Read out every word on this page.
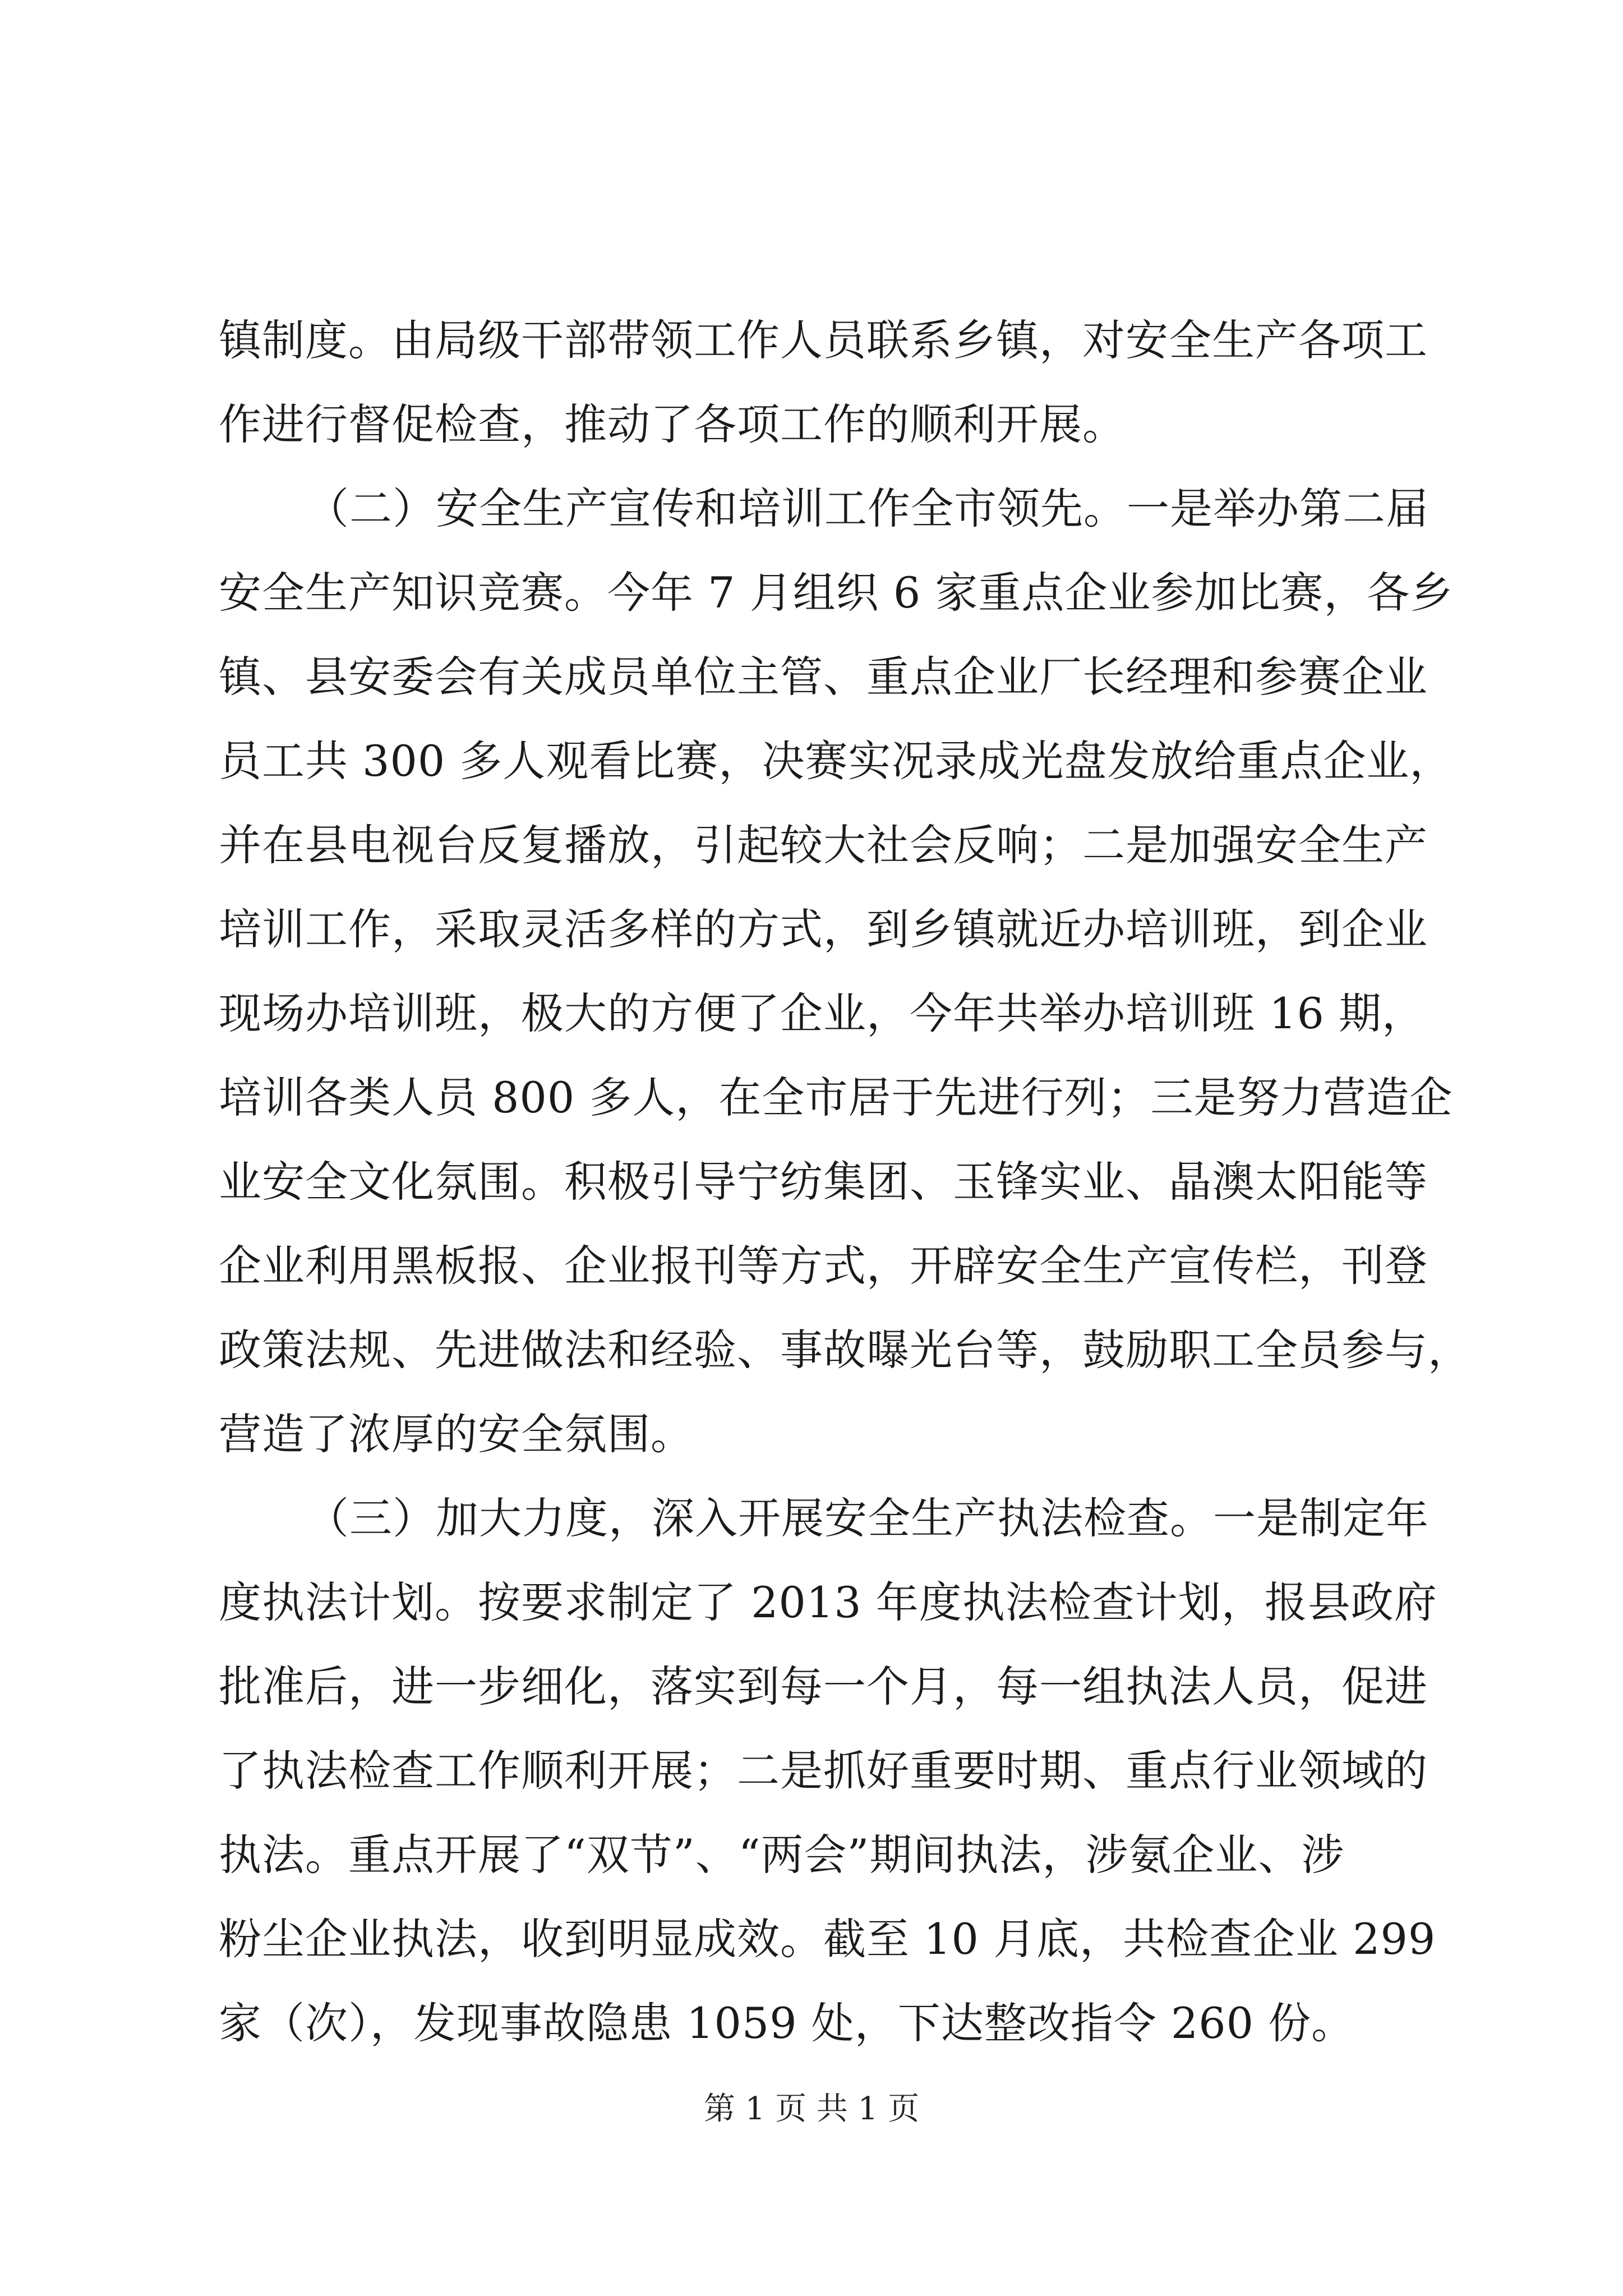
镇制度。由局级干部带领工作人员联系乡镇，对安全生产各项工
作进行督促检查，推动了各项工作的顺利开展。
（二）安全生产宣传和培训工作全市领先。一是举办第二届
安全生产知识竞赛。今年 7 月组织 6 家重点企业参加比赛，各乡
镇、县安委会有关成员单位主管、重点企业厂长经理和参赛企业
员工共 300 多人观看比赛，决赛实况录成光盘发放给重点企业，
并在县电视台反复播放，引起较大社会反响；二是加强安全生产
培训工作，采取灵活多样的方式，到乡镇就近办培训班，到企业
现场办培训班，极大的方便了企业，今年共举办培训班 16 期，
培训各类人员 800 多人，在全市居于先进行列；三是努力营造企
业安全文化氛围。积极引导宁纺集团、玉锋实业、晶澳太阳能等
企业利用黑板报、企业报刊等方式，开辟安全生产宣传栏，刊登
政策法规、先进做法和经验、事故曝光台等，鼓励职工全员参与，
营造了浓厚的安全氛围。
（三）加大力度，深入开展安全生产执法检查。一是制定年
度执法计划。按要求制定了 2013 年度执法检查计划，报县政府
批准后，进一步细化，落实到每一个月，每一组执法人员，促进
了执法检查工作顺利开展；二是抓好重要时期、重点行业领域的
执法。重点开展了“双节”、“两会”期间执法，涉氨企业、涉
粉尘企业执法，收到明显成效。截至 10 月底，共检查企业 299
家（次），发现事故隐患 1059 处，下达整改指令 260 份。
第 1 页 共 1 页
